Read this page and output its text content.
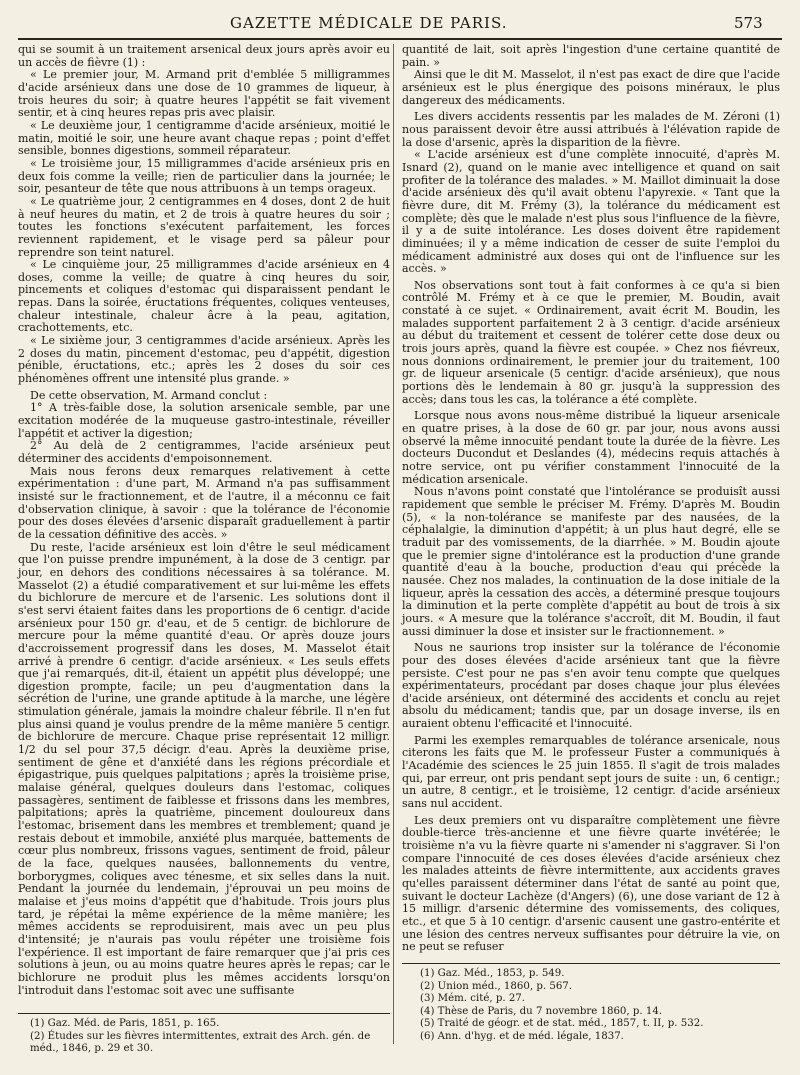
GAZETTE MÉDICALE DE PARIS.	573

qui se soumit à un traitement arsenical deux jours après avoir eu un accès de fièvre (1) :

« Le premier jour, M. Armand prit d'emblée 5 milligrammes d'acide arsénieux dans une dose de 10 grammes de liqueur, à trois heures du soir; à quatre heures l'appétit se fait vivement sentir, et à cinq heures repas pris avec plaisir.

« Le deuxième jour, 1 centigramme d'acide arsénieux, moitié le matin, moitié le soir, une heure avant chaque repas ; point d'effet sensible, bonnes digestions, sommeil réparateur.

« Le troisième jour, 15 milligrammes d'acide arsénieux pris en deux fois comme la veille; rien de particulier dans la journée; le soir, pesanteur de tête que nous attribuons à un temps orageux.

« Le quatrième jour, 2 centigrammes en 4 doses, dont 2 de huit à neuf heures du matin, et 2 de trois à quatre heures du soir ; toutes les fonctions s'exécutent parfaitement, les forces reviennent rapidement, et le visage perd sa pâleur pour reprendre son teint naturel.

« Le cinquième jour, 25 milligrammes d'acide arsénieux en 4 doses, comme la veille; de quatre à cinq heures du soir, pincements et coliques d'estomac qui disparaissent pendant le repas. Dans la soirée, éructations fréquentes, coliques venteuses, chaleur intestinale, chaleur âcre à la peau, agitation, crachottements, etc.

« Le sixième jour, 3 centigrammes d'acide arsénieux. Après les 2 doses du matin, pincement d'estomac, peu d'appétit, digestion pénible, éructations, etc.; après les 2 doses du soir ces phénomènes offrent une intensité plus grande. »

De cette observation, M. Armand conclut :

1° A très-faible dose, la solution arsenicale semble, par une excitation modérée de la muqueuse gastro-intestinale, réveiller l'appétit et activer la digestion;

2° Au delà de 2 centigrammes, l'acide arsénieux peut déterminer des accidents d'empoisonnement.

Mais nous ferons deux remarques relativement à cette expérimentation : d'une part, M. Armand n'a pas suffisamment insisté sur le fractionnement, et de l'autre, il a méconnu ce fait d'observation clinique, à savoir : que la tolérance de l'économie pour des doses élevées d'arsenic disparaît graduellement à partir de la cessation définitive des accès. »

Du reste, l'acide arsénieux est loin d'être le seul médicament que l'on puisse prendre impunément, à la dose de 3 centigr. par jour, en dehors des conditions nécessaires à sa tolérance. M. Masselot (2) a étudié comparativement et sur lui-même les effets du bichlorure de mercure et de l'arsenic. Les solutions dont il s'est servi étaient faites dans les proportions de 6 centigr. d'acide arsénieux pour 150 gr. d'eau, et de 5 centigr. de bichlorure de mercure pour la même quantité d'eau. Or après douze jours d'accroissement progressif dans les doses, M. Masselot était arrivé à prendre 6 centigr. d'acide arsénieux. « Les seuls effets que j'ai remarqués, dit-il, étaient un appétit plus développé; une digestion prompte, facile; un peu d'augmentation dans la sécrétion de l'urine, une grande aptitude à la marche, une légère stimulation générale, jamais la moindre chaleur fébrile. Il n'en fut plus ainsi quand je voulus prendre de la même manière 5 centigr. de bichlorure de mercure. Chaque prise représentait 12 milligr. 1/2 du sel pour 37,5 décigr. d'eau. Après la deuxième prise, sentiment de gêne et d'anxiété dans les régions précordiale et épigastrique, puis quelques palpitations ; après la troisième prise, malaise général, quelques douleurs dans l'estomac, coliques passagères, sentiment de faiblesse et frissons dans les membres, palpitations; après la quatrième, pincement douloureux dans l'estomac, brisement dans les membres et tremblement; quand je restais debout et immobile, anxiété plus marquée, battements de cœur plus nombreux, frissons vagues, sentiment de froid, pâleur de la face, quelques nausées, ballonnements du ventre, borborygmes, coliques avec ténesme, et six selles dans la nuit. Pendant la journée du lendemain, j'éprouvai un peu moins de malaise et j'eus moins d'appétit que d'habitude. Trois jours plus tard, je répétai la même expérience de la même manière; les mêmes accidents se reproduisirent, mais avec un peu plus d'intensité; je n'aurais pas voulu répéter une troisième fois l'expérience. Il est important de faire remarquer que j'ai pris ces solutions à jeun, ou au moins quatre heures après le repas; car le bichlorure ne produit plus les mêmes accidents lorsqu'on l'introduit dans l'estomac soit avec une suffisante

(1) Gaz. Méd. de Paris, 1851, p. 165.
(2) Études sur les fièvres intermittentes, extrait des Arch. gén. de méd., 1846, p. 29 et 30.

quantité de lait, soit après l'ingestion d'une certaine quantité de pain. »

Ainsi que le dit M. Masselot, il n'est pas exact de dire que l'acide arsénieux est le plus énergique des poisons minéraux, le plus dangereux des médicaments.

Les divers accidents ressentis par les malades de M. Zéroni (1) nous paraissent devoir être aussi attribués à l'élévation rapide de la dose d'arsenic, après la disparition de la fièvre.

« L'acide arsénieux est d'une complète innocuité, d'après M. Isnard (2), quand on le manie avec intelligence et quand on sait profiter de la tolérance des malades. » M. Maillot diminuait la dose d'acide arsénieux dès qu'il avait obtenu l'apyrexie. « Tant que la fièvre dure, dit M. Frémy (3), la tolérance du médicament est complète; dès que le malade n'est plus sous l'influence de la fièvre, il y a de suite intolérance. Les doses doivent être rapidement diminuées; il y a même indication de cesser de suite l'emploi du médicament administré aux doses qui ont de l'influence sur les accès. »

Nos observations sont tout à fait conformes à ce qu'a si bien contrôlé M. Frémy et à ce que le premier, M. Boudin, avait constaté à ce sujet. « Ordinairement, avait écrit M. Boudin, les malades supportent parfaitement 2 à 3 centigr. d'acide arsénieux au début du traitement et cessent de tolérer cette dose deux ou trois jours après, quand la fièvre est coupée. » Chez nos fiévreux, nous donnions ordinairement, le premier jour du traitement, 100 gr. de liqueur arsenicale (5 centigr. d'acide arsénieux), que nous portions dès le lendemain à 80 gr. jusqu'à la suppression des accès; dans tous les cas, la tolérance a été complète.

Lorsque nous avons nous-même distribué la liqueur arsenicale en quatre prises, à la dose de 60 gr. par jour, nous avons aussi observé la même innocuité pendant toute la durée de la fièvre. Les docteurs Ducondut et Deslandes (4), médecins requis attachés à notre service, ont pu vérifier constamment l'innocuité de la médication arsenicale.

Nous n'avons point constaté que l'intolérance se produisît aussi rapidement que semble le préciser M. Frémy. D'après M. Boudin (5), « la non-tolérance se manifeste par des nausées, de la céphalalgie, la diminution d'appétit; à un plus haut degré, elle se traduit par des vomissements, de la diarrhée. » M. Boudin ajoute que le premier signe d'intolérance est la production d'une grande quantité d'eau à la bouche, production d'eau qui précède la nausée. Chez nos malades, la continuation de la dose initiale de la liqueur, après la cessation des accès, a déterminé presque toujours la diminution et la perte complète d'appétit au bout de trois à six jours. « A mesure que la tolérance s'accroît, dit M. Boudin, il faut aussi diminuer la dose et insister sur le fractionnement. »

Nous ne saurions trop insister sur la tolérance de l'économie pour des doses élevées d'acide arsénieux tant que la fièvre persiste. C'est pour ne pas s'en avoir tenu compte que quelques expérimentateurs, procédant par doses chaque jour plus élevées d'acide arsénieux, ont déterminé des accidents et conclu au rejet absolu du médicament; tandis que, par un dosage inverse, ils en auraient obtenu l'efficacité et l'innocuité.

Parmi les exemples remarquables de tolérance arsenicale, nous citerons les faits que M. le professeur Fuster a communiqués à l'Académie des sciences le 25 juin 1855. Il s'agit de trois malades qui, par erreur, ont pris pendant sept jours de suite : un, 6 centigr.; un autre, 8 centigr., et le troisième, 12 centigr. d'acide arsénieux sans nul accident.

Les deux premiers ont vu disparaître complètement une fièvre double-tierce très-ancienne et une fièvre quarte invétérée; le troisième n'a vu la fièvre quarte ni s'amender ni s'aggraver. Si l'on compare l'innocuité de ces doses élevées d'acide arsénieux chez les malades atteints de fièvre intermittente, aux accidents graves qu'elles paraissent déterminer dans l'état de santé au point que, suivant le docteur Lachèze (d'Angers) (6), une dose variant de 12 à 15 milligr. d'arsenic détermine des vomissements, des coliques, etc., et que 5 à 10 centigr. d'arsenic causent une gastro-entérite et une lésion des centres nerveux suffisantes pour détruire la vie, on ne peut se refuser

(1) Gaz. Méd., 1853, p. 549.
(2) Union méd., 1860, p. 567.
(3) Mém. cité, p. 27.
(4) Thèse de Paris, du 7 novembre 1860, p. 14.
(5) Traité de géogr. et de stat. méd., 1857, t. II, p. 532.
(6) Ann. d'hyg. et de méd. légale, 1837.
